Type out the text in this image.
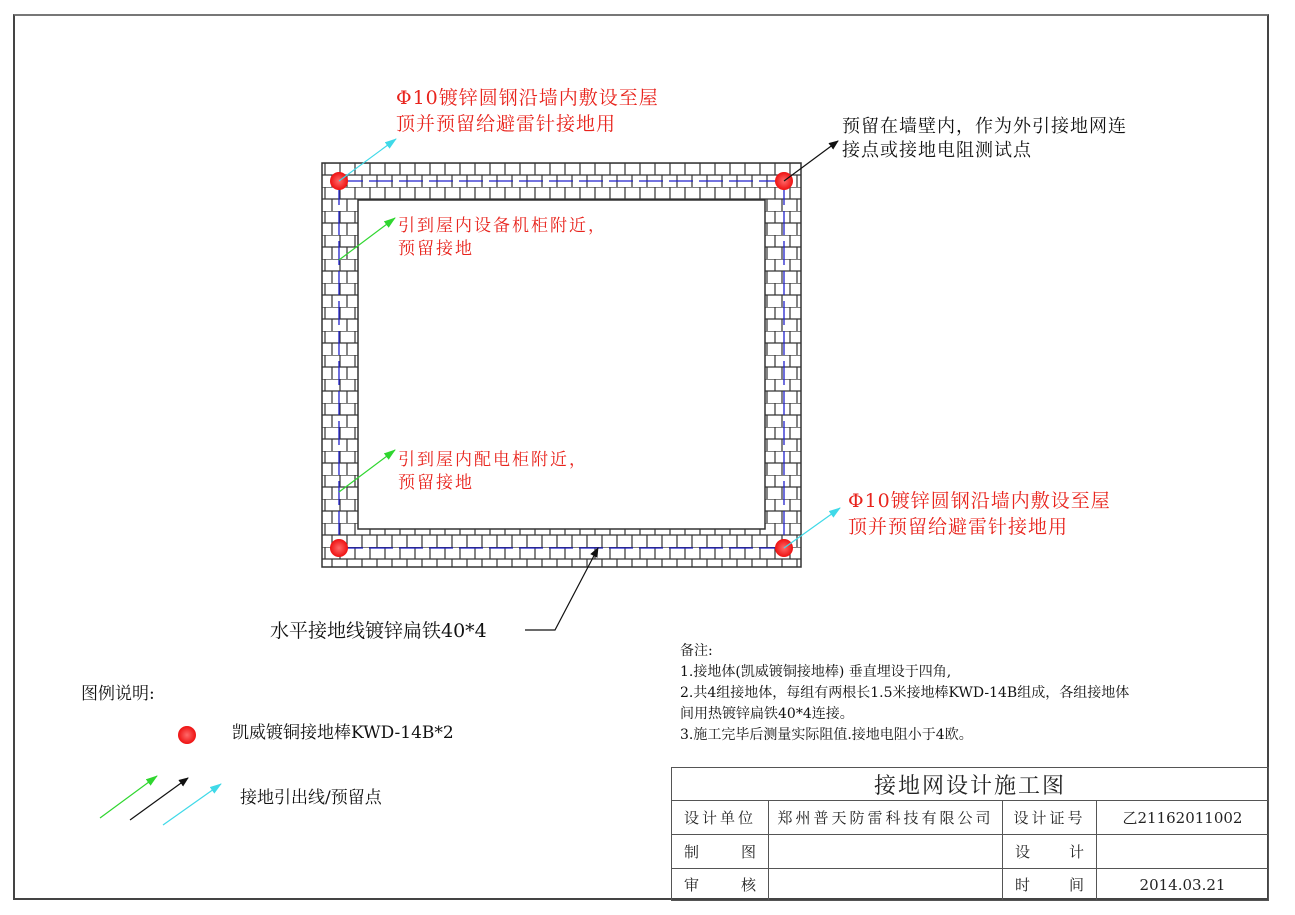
Φ10镀锌圆钢沿墙内敷设至屋
顶并预留给避雷针接地用	预留在墙壁内，作为外引接地网连
接点或接地电阻测试点
引到屋内设备机柜附近，
预留接地
引到屋内配电柜附近，
预留接地
Φ10镀锌圆钢沿墙内敷设至屋
顶并预留给避雷针接地用
水平接地线镀锌扁铁40*4
备注:
1.接地体(凯威镀铜接地棒) 垂直埋设于四角,
2.共4组接地体，每组有两根长1.5米接地棒KWD-14B组成，各组接地体
间用热镀锌扁铁40*4连接。
3.施工完毕后测量实际阻值.接地电阻小于4欧。
图例说明:
凯威镀铜接地棒KWD-14B*2
接地引出线/预留点	接地网设计施工图			
设计单位	郑州普天防雷科技有限公司	设计证号	乙21162011002

制 图		设 计	

审 核		时 间	2014.03.21
